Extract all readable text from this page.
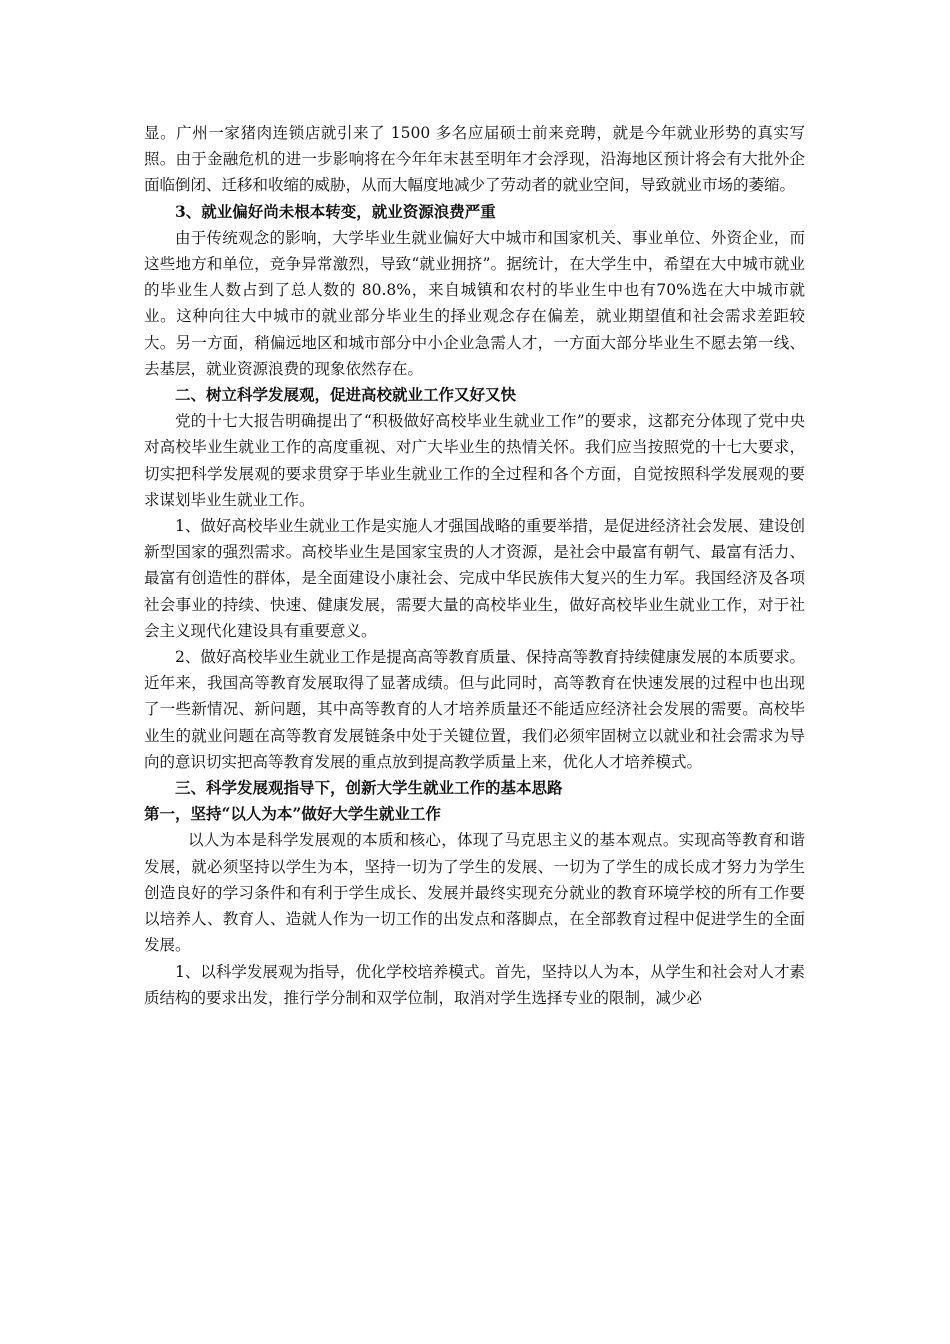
显。广州一家猪肉连锁店就引来了 1500 多名应届硕士前来竞聘，就是今年就业形势的真实写照。由于金融危机的进一步影响将在今年年末甚至明年才会浮现，沿海地区预计将会有大批外企面临倒闭、迁移和收缩的威胁，从而大幅度地减少了劳动者的就业空间，导致就业市场的萎缩。

3、就业偏好尚未根本转变，就业资源浪费严重

由于传统观念的影响，大学毕业生就业偏好大中城市和国家机关、事业单位、外资企业，而这些地方和单位，竞争异常激烈，导致“就业拥挤”。据统计，在大学生中，希望在大中城市就业的毕业生人数占到了总人数的 80.8%，来自城镇和农村的毕业生中也有70%选在大中城市就业。这种向往大中城市的就业部分毕业生的择业观念存在偏差，就业期望值和社会需求差距较大。另一方面，稍偏远地区和城市部分中小企业急需人才，一方面大部分毕业生不愿去第一线、去基层，就业资源浪费的现象依然存在。

二、树立科学发展观，促进高校就业工作又好又快

党的十七大报告明确提出了“积极做好高校毕业生就业工作”的要求，这都充分体现了党中央对高校毕业生就业工作的高度重视、对广大毕业生的热情关怀。我们应当按照党的十七大要求，切实把科学发展观的要求贯穿于毕业生就业工作的全过程和各个方面，自觉按照科学发展观的要求谋划毕业生就业工作。

1、做好高校毕业生就业工作是实施人才强国战略的重要举措，是促进经济社会发展、建设创新型国家的强烈需求。高校毕业生是国家宝贵的人才资源，是社会中最富有朝气、最富有活力、最富有创造性的群体，是全面建设小康社会、完成中华民族伟大复兴的生力军。我国经济及各项社会事业的持续、快速、健康发展，需要大量的高校毕业生，做好高校毕业生就业工作，对于社会主义现代化建设具有重要意义。

2、做好高校毕业生就业工作是提高高等教育质量、保持高等教育持续健康发展的本质要求。近年来，我国高等教育发展取得了显著成绩。但与此同时，高等教育在快速发展的过程中也出现了一些新情况、新问题，其中高等教育的人才培养质量还不能适应经济社会发展的需要。高校毕业生的就业问题在高等教育发展链条中处于关键位置，我们必须牢固树立以就业和社会需求为导向的意识切实把高等教育发展的重点放到提高教学质量上来，优化人才培养模式。

三、科学发展观指导下，创新大学生就业工作的基本思路

第一，坚持“以人为本”做好大学生就业工作

以人为本是科学发展观的本质和核心，体现了马克思主义的基本观点。实现高等教育和谐发展，就必须坚持以学生为本，坚持一切为了学生的发展、一切为了学生的成长成才努力为学生创造良好的学习条件和有利于学生成长、发展并最终实现充分就业的教育环境学校的所有工作要以培养人、教育人、造就人作为一切工作的出发点和落脚点，在全部教育过程中促进学生的全面发展。

1、以科学发展观为指导，优化学校培养模式。首先，坚持以人为本，从学生和社会对人才素质结构的要求出发，推行学分制和双学位制，取消对学生选择专业的限制，减少必
